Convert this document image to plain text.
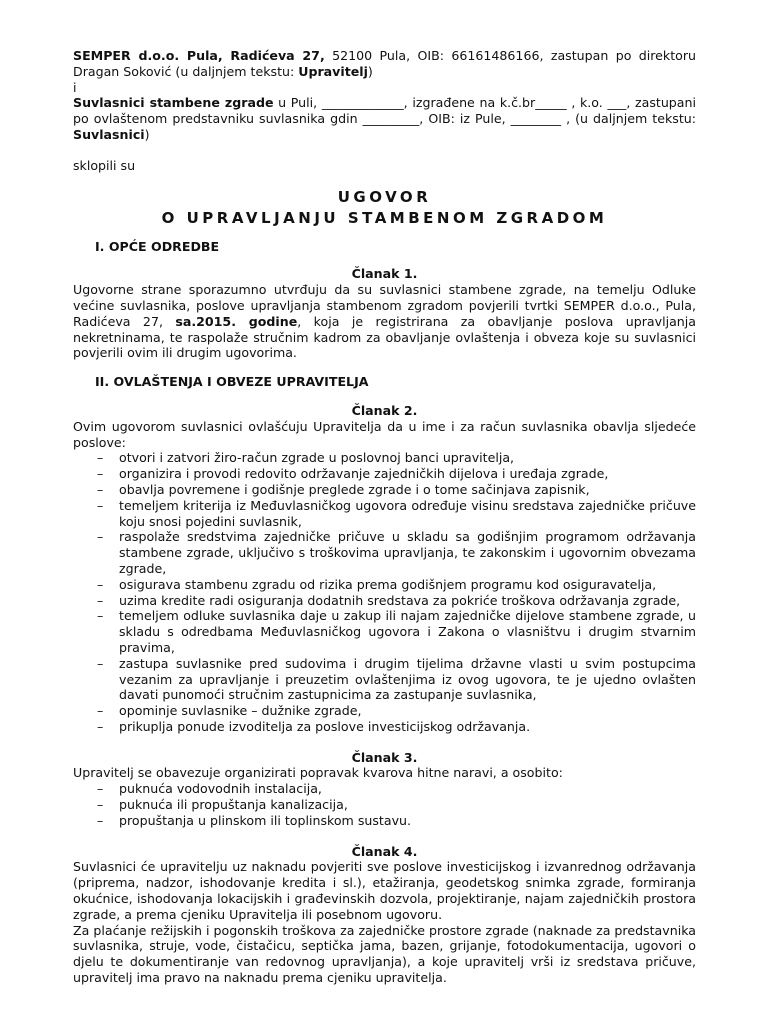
SEMPER d.o.o. Pula, Radićeva 27, 52100 Pula, OIB: 66161486166, zastupan po direktoru Dragan Soković (u daljnjem tekstu: Upravitelj)

i

Suvlasnici stambene zgrade u Puli, _____________, izgrađene na k.č.br_____ , k.o. ___, zastupani po ovlaštenom predstavniku suvlasnika gdin _________, OIB: iz Pule, ________ , (u daljnjem tekstu: Suvlasnici)

sklopili su

UGOVOR
O UPRAVLJANJU STAMBENOM ZGRADOM

I. OPĆE ODREDBE

Članak 1.

Ugovorne strane sporazumno utvrđuju da su suvlasnici stambene zgrade, na temelju Odluke većine suvlasnika, poslove upravljanja stambenom zgradom povjerili tvrtki SEMPER d.o.o., Pula, Radićeva 27, sa.2015. godine, koja je registrirana za obavljanje poslova upravljanja nekretninama, te raspolaže stručnim kadrom za obavljanje ovlaštenja i obveza koje su suvlasnici povjerili ovim ili drugim ugovorima.

II. OVLAŠTENJA I OBVEZE UPRAVITELJA

Članak 2.

Ovim ugovorom suvlasnici ovlašćuju Upravitelja da u ime i za račun suvlasnika obavlja sljedeće poslove:

– otvori i zatvori žiro-račun zgrade u poslovnoj banci upravitelja,
– organizira i provodi redovito održavanje zajedničkih dijelova i uređaja zgrade,
– obavlja povremene i godišnje preglede zgrade i o tome sačinjava zapisnik,
– temeljem kriterija iz Međuvlasničkog ugovora određuje visinu sredstava zajedničke pričuve koju snosi pojedini suvlasnik,
– raspolaže sredstvima zajedničke pričuve u skladu sa godišnjim programom održavanja stambene zgrade, uključivo s troškovima upravljanja, te zakonskim i ugovornim obvezama zgrade,
– osigurava stambenu zgradu od rizika prema godišnjem programu kod osiguravatelja,
– uzima kredite radi osiguranja dodatnih sredstava za pokriće troškova održavanja zgrade,
– temeljem odluke suvlasnika daje u zakup ili najam zajedničke dijelove stambene zgrade, u skladu s odredbama Međuvlasničkog ugovora i Zakona o vlasništvu i drugim stvarnim pravima,
– zastupa suvlasnike pred sudovima i drugim tijelima državne vlasti u svim postupcima vezanim za upravljanje i preuzetim ovlaštenjima iz ovog ugovora, te je ujedno ovlašten davati punomoći stručnim zastupnicima za zastupanje suvlasnika,
– opominje suvlasnike – dužnike zgrade,
– prikuplja ponude izvoditelja za poslove investicijskog održavanja.

Članak 3.

Upravitelj se obavezuje organizirati popravak kvarova hitne naravi, a osobito:

– puknuća vodovodnih instalacija,
– puknuća ili propuštanja kanalizacija,
– propuštanja u plinskom ili toplinskom sustavu.

Članak 4.

Suvlasnici će upravitelju uz naknadu povjeriti sve poslove investicijskog i izvanrednog održavanja (priprema, nadzor, ishodovanje kredita i sl.), etažiranja, geodetskog snimka zgrade, formiranja okućnice, ishodovanja lokacijskih i građevinskih dozvola, projektiranje, najam zajedničkih prostora zgrade, a prema cjeniku Upravitelja ili posebnom ugovoru.

Za plaćanje režijskih i pogonskih troškova za zajedničke prostore zgrade (naknade za predstavnika suvlasnika, struje, vode, čistačicu, septička jama, bazen, grijanje, fotodokumentacija, ugovori o djelu te dokumentiranje van redovnog upravljanja), a koje upravitelj vrši iz sredstava pričuve, upravitelj ima pravo na naknadu prema cjeniku upravitelja.
